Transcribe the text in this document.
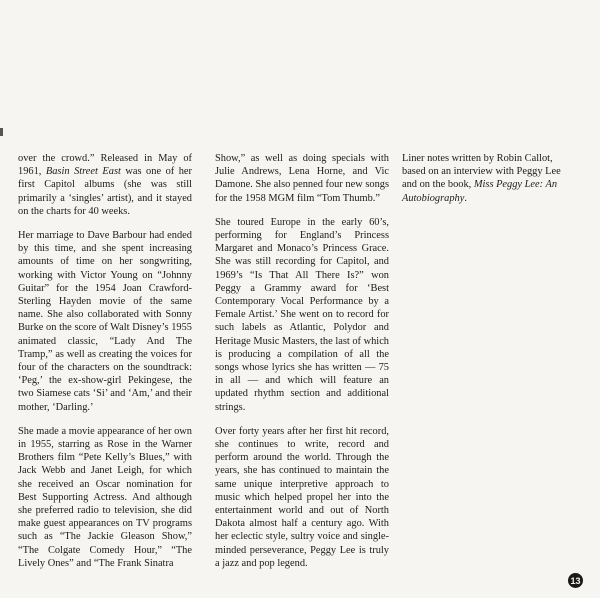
over the crowd.” Released in May of 1961, Basin Street East was one of her first Capitol albums (she was still primarily a ‘singles’ artist), and it stayed on the charts for 40 weeks.

Her marriage to Dave Barbour had ended by this time, and she spent increasing amounts of time on her songwriting, working with Victor Young on “Johnny Guitar” for the 1954 Joan Crawford-Sterling Hayden movie of the same name. She also collaborated with Sonny Burke on the score of Walt Disney’s 1955 animated classic, “Lady And The Tramp,” as well as creating the voices for four of the characters on the soundtrack: ‘Peg,’ the ex-show-girl Pekingese, the two Siamese cats ‘Si’ and ‘Am,’ and their mother, ‘Darling.’

She made a movie appearance of her own in 1955, starring as Rose in the Warner Brothers film “Pete Kelly’s Blues,” with Jack Webb and Janet Leigh, for which she received an Oscar nomination for Best Supporting Actress. And although she preferred radio to television, she did make guest appearances on TV programs such as “The Jackie Gleason Show,” “The Colgate Comedy Hour,” “The Lively Ones” and “The Frank Sinatra

Show,” as well as doing specials with Julie Andrews, Lena Horne, and Vic Damone. She also penned four new songs for the 1958 MGM film “Tom Thumb.”

She toured Europe in the early 60’s, performing for England’s Princess Margaret and Monaco’s Princess Grace. She was still recording for Capitol, and 1969’s “Is That All There Is?” won Peggy a Grammy award for ‘Best Contemporary Vocal Performance by a Female Artist.’ She went on to record for such labels as Atlantic, Polydor and Heritage Music Masters, the last of which is producing a compilation of all the songs whose lyrics she has written — 75 in all — and which will feature an updated rhythm section and additional strings.

Over forty years after her first hit record, she continues to write, record and perform around the world. Through the years, she has continued to maintain the same unique interpretive approach to music which helped propel her into the entertainment world and out of North Dakota almost half a century ago. With her eclectic style, sultry voice and single-minded perseverance, Peggy Lee is truly a jazz and pop legend.

Liner notes written by Robin Callot, based on an interview with Peggy Lee and on the book, Miss Peggy Lee: An Autobiography.

13
